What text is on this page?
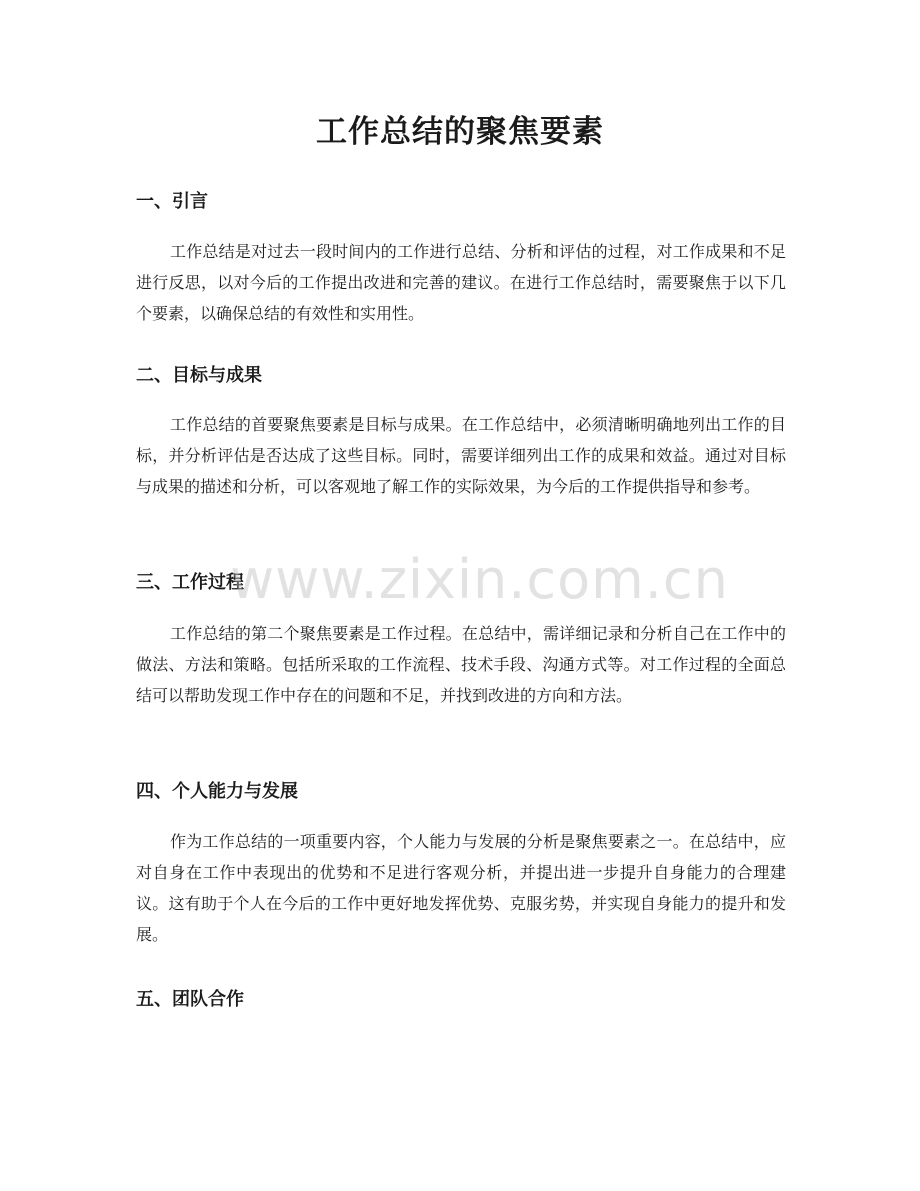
工作总结的聚焦要素
一、引言

工作总结是对过去一段时间内的工作进行总结、分析和评估的过程，对工作成果和不足进行反思，以对今后的工作提出改进和完善的建议。在进行工作总结时，需要聚焦于以下几个要素，以确保总结的有效性和实用性。

二、目标与成果

工作总结的首要聚焦要素是目标与成果。在工作总结中，必须清晰明确地列出工作的目标，并分析评估是否达成了这些目标。同时，需要详细列出工作的成果和效益。通过对目标与成果的描述和分析，可以客观地了解工作的实际效果，为今后的工作提供指导和参考。

三、工作过程

工作总结的第二个聚焦要素是工作过程。在总结中，需详细记录和分析自己在工作中的做法、方法和策略。包括所采取的工作流程、技术手段、沟通方式等。对工作过程的全面总结可以帮助发现工作中存在的问题和不足，并找到改进的方向和方法。

四、个人能力与发展

作为工作总结的一项重要内容，个人能力与发展的分析是聚焦要素之一。在总结中，应对自身在工作中表现出的优势和不足进行客观分析，并提出进一步提升自身能力的合理建议。这有助于个人在今后的工作中更好地发挥优势、克服劣势，并实现自身能力的提升和发展。

五、团队合作
www.zixin.com.cn
